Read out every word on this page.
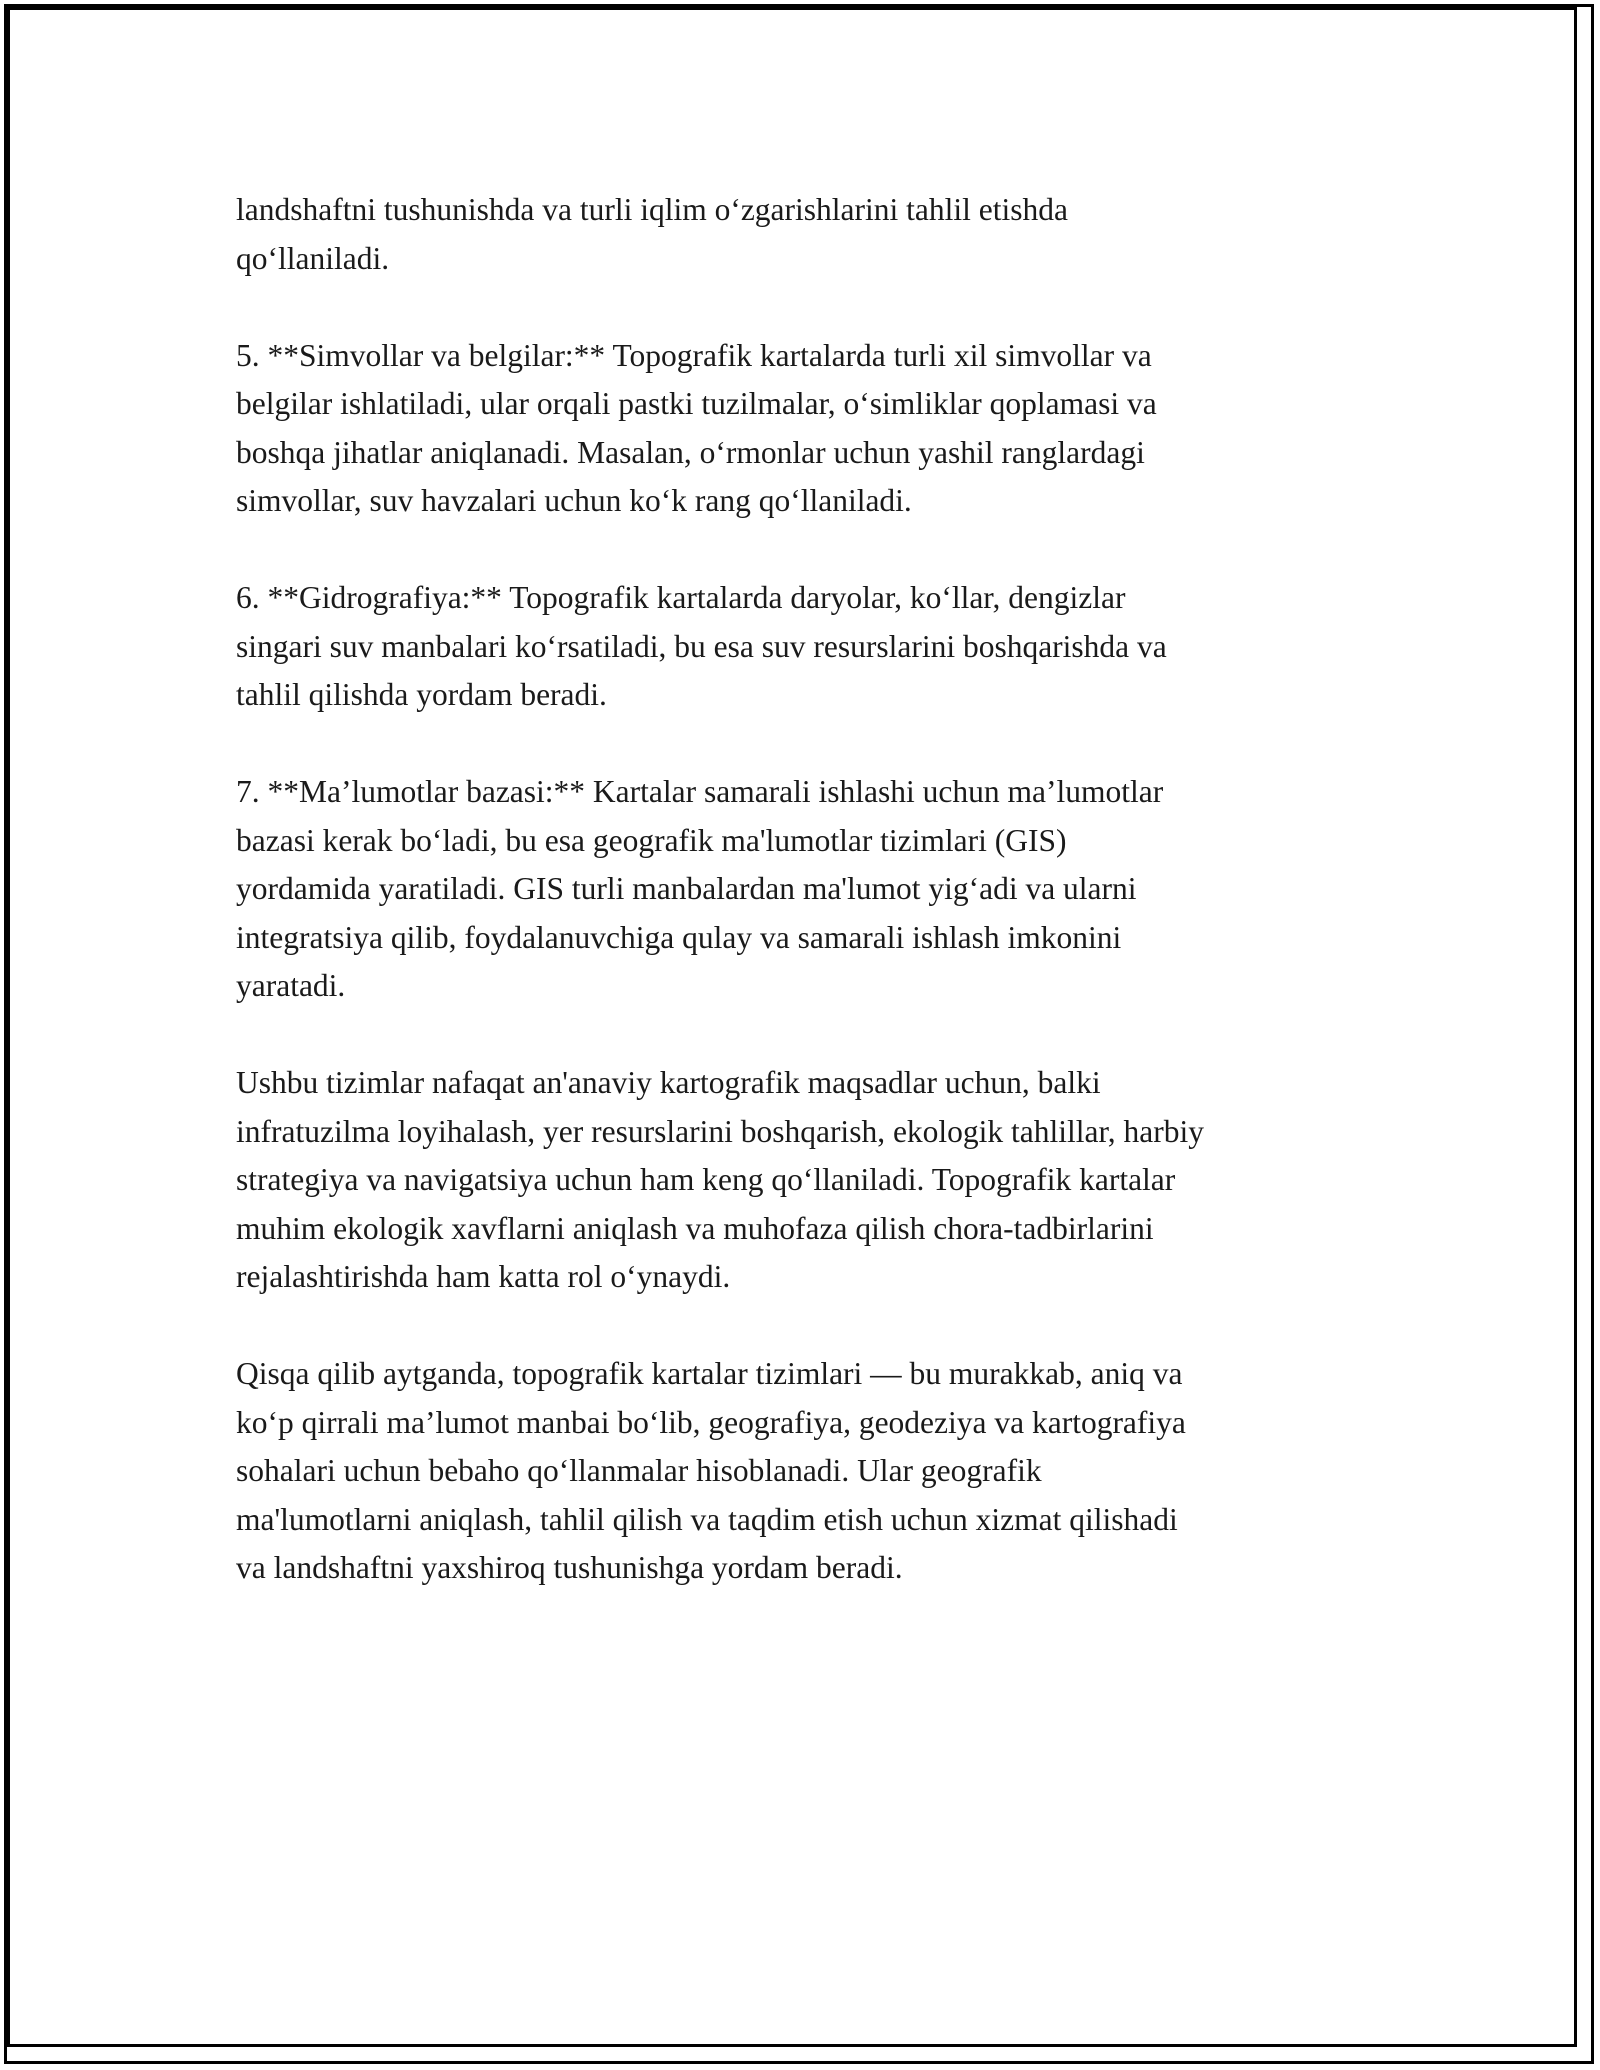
landshaftni tushunishda va turli iqlim o‘zgarishlarini tahlil etishda
qo‘llaniladi.

5. **Simvollar va belgilar:** Topografik kartalarda turli xil simvollar va
belgilar ishlatiladi, ular orqali pastki tuzilmalar, o‘simliklar qoplamasi va
boshqa jihatlar aniqlanadi. Masalan, o‘rmonlar uchun yashil ranglardagi
simvollar, suv havzalari uchun ko‘k rang qo‘llaniladi.

6. **Gidrografiya:** Topografik kartalarda daryolar, ko‘llar, dengizlar
singari suv manbalari ko‘rsatiladi, bu esa suv resurslarini boshqarishda va
tahlil qilishda yordam beradi.

7. **Ma’lumotlar bazasi:** Kartalar samarali ishlashi uchun ma’lumotlar
bazasi kerak bo‘ladi, bu esa geografik ma'lumotlar tizimlari (GIS)
yordamida yaratiladi. GIS turli manbalardan ma'lumot yig‘adi va ularni
integratsiya qilib, foydalanuvchiga qulay va samarali ishlash imkonini
yaratadi.

Ushbu tizimlar nafaqat an'anaviy kartografik maqsadlar uchun, balki
infratuzilma loyihalash, yer resurslarini boshqarish, ekologik tahlillar, harbiy
strategiya va navigatsiya uchun ham keng qo‘llaniladi. Topografik kartalar
muhim ekologik xavflarni aniqlash va muhofaza qilish chora-tadbirlarini
rejalashtirishda ham katta rol o‘ynaydi.

Qisqa qilib aytganda, topografik kartalar tizimlari — bu murakkab, aniq va
ko‘p qirrali ma’lumot manbai bo‘lib, geografiya, geodeziya va kartografiya
sohalari uchun bebaho qo‘llanmalar hisoblanadi. Ular geografik
ma'lumotlarni aniqlash, tahlil qilish va taqdim etish uchun xizmat qilishadi
va landshaftni yaxshiroq tushunishga yordam beradi.
